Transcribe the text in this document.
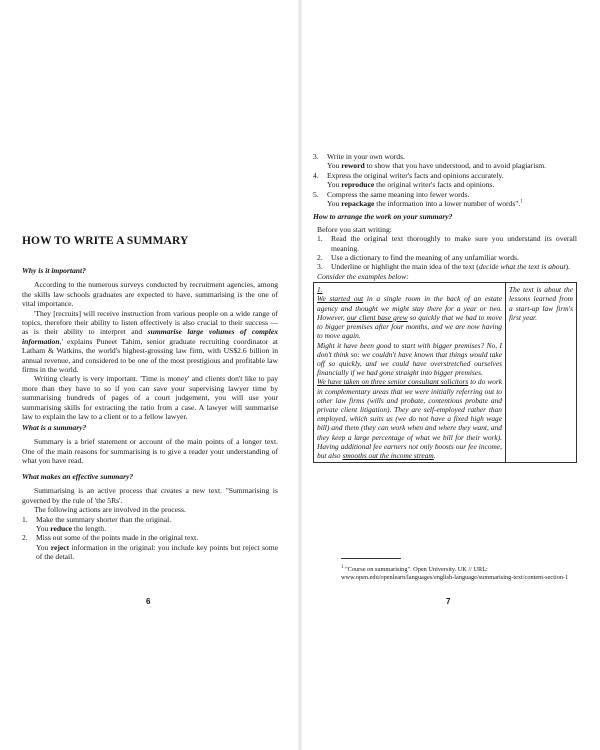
HOW TO WRITE A SUMMARY

Why is it important?

According to the numerous surveys conducted by recruitment agencies, among the skills law schools graduates are expected to have, summarising is the one of vital importance.

'They [recruits] will receive instruction from various people on a wide range of topics, therefore their ability to listen effectively is also crucial to their success — as is their ability to interpret and summarise large volumes of complex information,' explains Puneet Tahim, senior graduate recruiting coordinator at Latham & Watkins, the world's highest-grossing law firm, with US$2.6 billion in annual revenue, and considered to be one of the most prestigious and profitable law firms in the world.

Writing clearly is very important. 'Time is money' and clients don't like to pay more than they have to so if you can save your supervising lawyer time by summarising hundreds of pages of a court judgement, you will use your summarising skills for extracting the ratio from a case. A lawyer will summarise law to explain the law to a client or to a fellow lawyer.

What is a summary?

Summary is a brief statement or account of the main points of a longer text. One of the main reasons for summarising is to give a reader your understanding of what you have read.

What makes an effective summary?

Summarising is an active process that creates a new text. "Summarising is governed by the rule of 'the 5Rs'.

The following actions are involved in the process.

1. Make the summary shorter than the original.
You reduce the length.
2. Miss out some of the points made in the original text.
You reject information in the original: you include key points but reject some of the detail.
6
3. Write in your own words.
You reword to show that you have understood, and to avoid plagiarism.
4. Express the original writer's facts and opinions accurately.
You reproduce the original writer's facts and opinions.
5. Compress the same meaning into fewer words.
You repackage the information into a lower number of words".$^1$

How to arrange the work on your summary?

Before you start writing:

1. Read the original text thoroughly to make sure you understand its overall meaning.
2. Use a dictionary to find the meaning of any unfamiliar words.
3. Underline or highlight the main idea of the text (decide what the text is about).

Consider the examples below:

1.
We started out in a single room in the back of an estate agency and thought we might stay there for a year or two. However, our client base grew so quickly that we had to move to bigger premises after four months, and we are now having to move again.
Might it have been good to start with bigger premises? No, I don't think so: we couldn't have known that things would take off so quickly, and we could have overstretched ourselves financially if we had gone straight into bigger premises.
We have taken on three senior consultant solicitors to do work in complementary areas that we were initially referring out to other law firms (wills and probate, contentious probate and private client litigation). They are self-employed rather than employed, which suits us (we do not have a fixed high wage bill) and them (they can work when and where they want, and they keep a large percentage of what we bill for their work). Having additional fee earners not only boosts our fee income, but also smooths out the income stream.	The text is about the lessons learned from a start-up law firm's first year.
$^1$ "Course on summarising". Open University. UK // URL: www.open.edu/openlearn/languages/english-language/summarising-text/content-section-1
7
